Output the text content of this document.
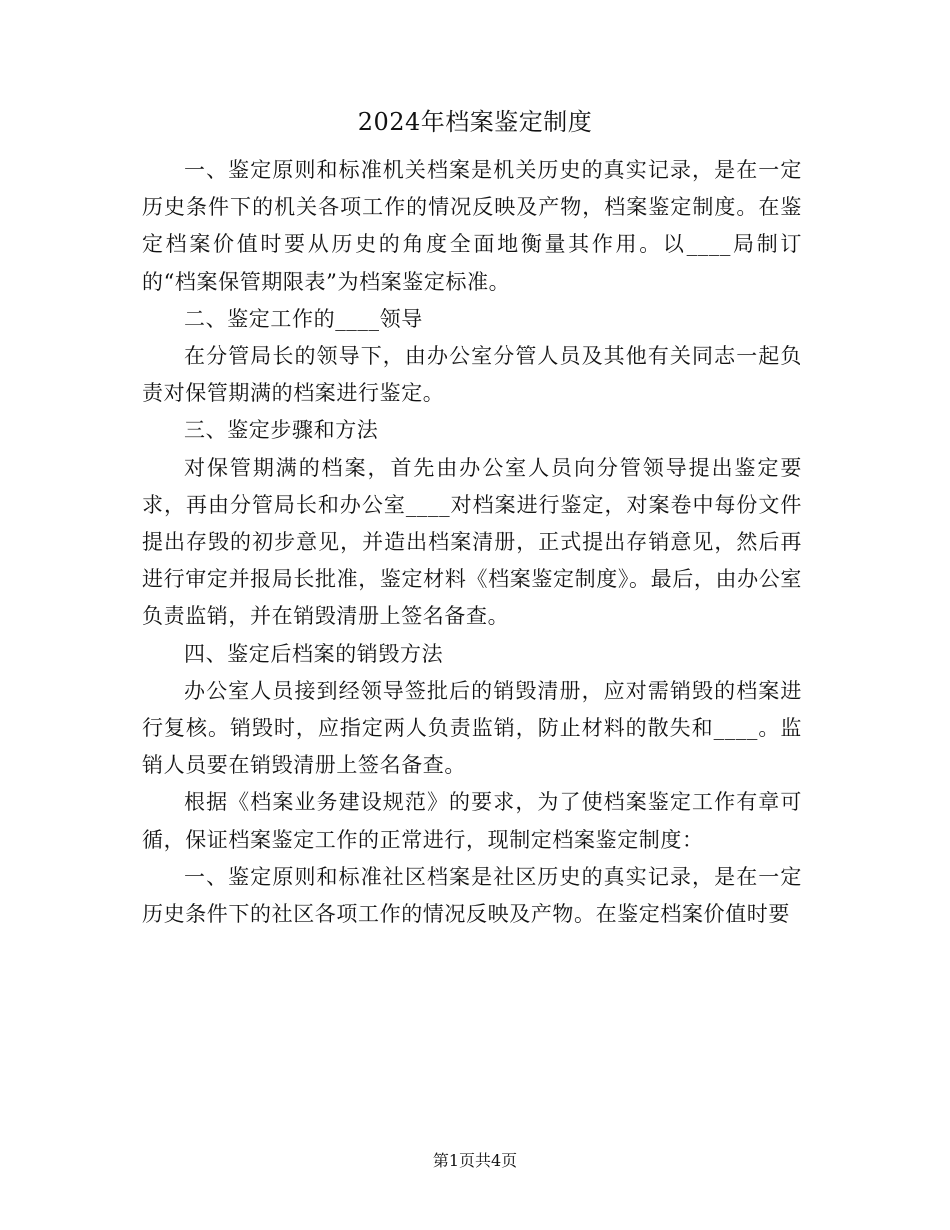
2024年档案鉴定制度

一、鉴定原则和标准机关档案是机关历史的真实记录，是在一定历史条件下的机关各项工作的情况反映及产物，档案鉴定制度。在鉴定档案价值时要从历史的角度全面地衡量其作用。以____局制订的“档案保管期限表”为档案鉴定标准。

二、鉴定工作的____领导

在分管局长的领导下，由办公室分管人员及其他有关同志一起负责对保管期满的档案进行鉴定。

三、鉴定步骤和方法

对保管期满的档案，首先由办公室人员向分管领导提出鉴定要求，再由分管局长和办公室____对档案进行鉴定，对案卷中每份文件提出存毁的初步意见，并造出档案清册，正式提出存销意见，然后再进行审定并报局长批准，鉴定材料《档案鉴定制度》。最后，由办公室负责监销，并在销毁清册上签名备查。

四、鉴定后档案的销毁方法

办公室人员接到经领导签批后的销毁清册，应对需销毁的档案进行复核。销毁时，应指定两人负责监销，防止材料的散失和____。监销人员要在销毁清册上签名备查。

根据《档案业务建设规范》的要求，为了使档案鉴定工作有章可循，保证档案鉴定工作的正常进行，现制定档案鉴定制度：

一、鉴定原则和标准社区档案是社区历史的真实记录，是在一定历史条件下的社区各项工作的情况反映及产物。在鉴定档案价值时要

第1页共4页
